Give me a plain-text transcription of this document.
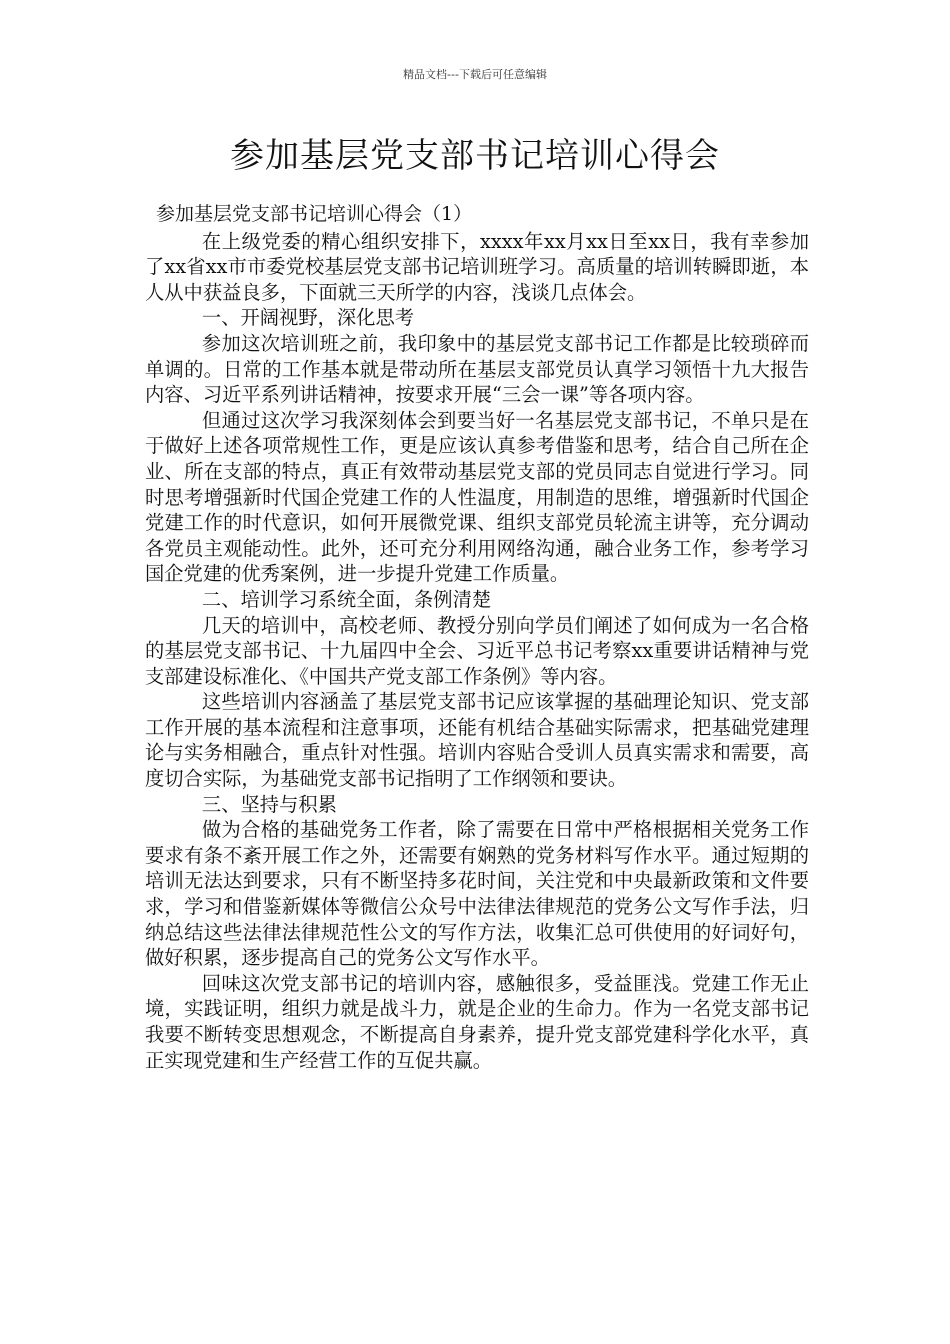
精品文档---下载后可任意编辑
参加基层党支部书记培训心得会

参加基层党支部书记培训心得会（1）

在上级党委的精心组织安排下，xxxx年xx月xx日至xx日，我有幸参加了xx省xx市市委党校基层党支部书记培训班学习。高质量的培训转瞬即逝，本人从中获益良多，下面就三天所学的内容，浅谈几点体会。

一、开阔视野，深化思考

参加这次培训班之前，我印象中的基层党支部书记工作都是比较琐碎而单调的。日常的工作基本就是带动所在基层支部党员认真学习领悟十九大报告内容、习近平系列讲话精神，按要求开展“三会一课”等各项内容。

但通过这次学习我深刻体会到要当好一名基层党支部书记，不单只是在于做好上述各项常规性工作，更是应该认真参考借鉴和思考，结合自己所在企业、所在支部的特点，真正有效带动基层党支部的党员同志自觉进行学习。同时思考增强新时代国企党建工作的人性温度，用制造的思维，增强新时代国企党建工作的时代意识，如何开展微党课、组织支部党员轮流主讲等，充分调动各党员主观能动性。此外，还可充分利用网络沟通，融合业务工作，参考学习国企党建的优秀案例，进一步提升党建工作质量。

二、培训学习系统全面，条例清楚

几天的培训中，高校老师、教授分别向学员们阐述了如何成为一名合格的基层党支部书记、十九届四中全会、习近平总书记考察xx重要讲话精神与党支部建设标准化、《中国共产党支部工作条例》等内容。

这些培训内容涵盖了基层党支部书记应该掌握的基础理论知识、党支部工作开展的基本流程和注意事项，还能有机结合基础实际需求，把基础党建理论与实务相融合，重点针对性强。培训内容贴合受训人员真实需求和需要，高度切合实际，为基础党支部书记指明了工作纲领和要诀。

三、坚持与积累

做为合格的基础党务工作者，除了需要在日常中严格根据相关党务工作要求有条不紊开展工作之外，还需要有娴熟的党务材料写作水平。通过短期的培训无法达到要求，只有不断坚持多花时间，关注党和中央最新政策和文件要求，学习和借鉴新媒体等微信公众号中法律法律规范的党务公文写作手法，归纳总结这些法律法律规范性公文的写作方法，收集汇总可供使用的好词好句，做好积累，逐步提高自己的党务公文写作水平。

回味这次党支部书记的培训内容，感触很多，受益匪浅。党建工作无止境，实践证明，组织力就是战斗力，就是企业的生命力。作为一名党支部书记我要不断转变思想观念，不断提高自身素养，提升党支部党建科学化水平，真正实现党建和生产经营工作的互促共赢。
